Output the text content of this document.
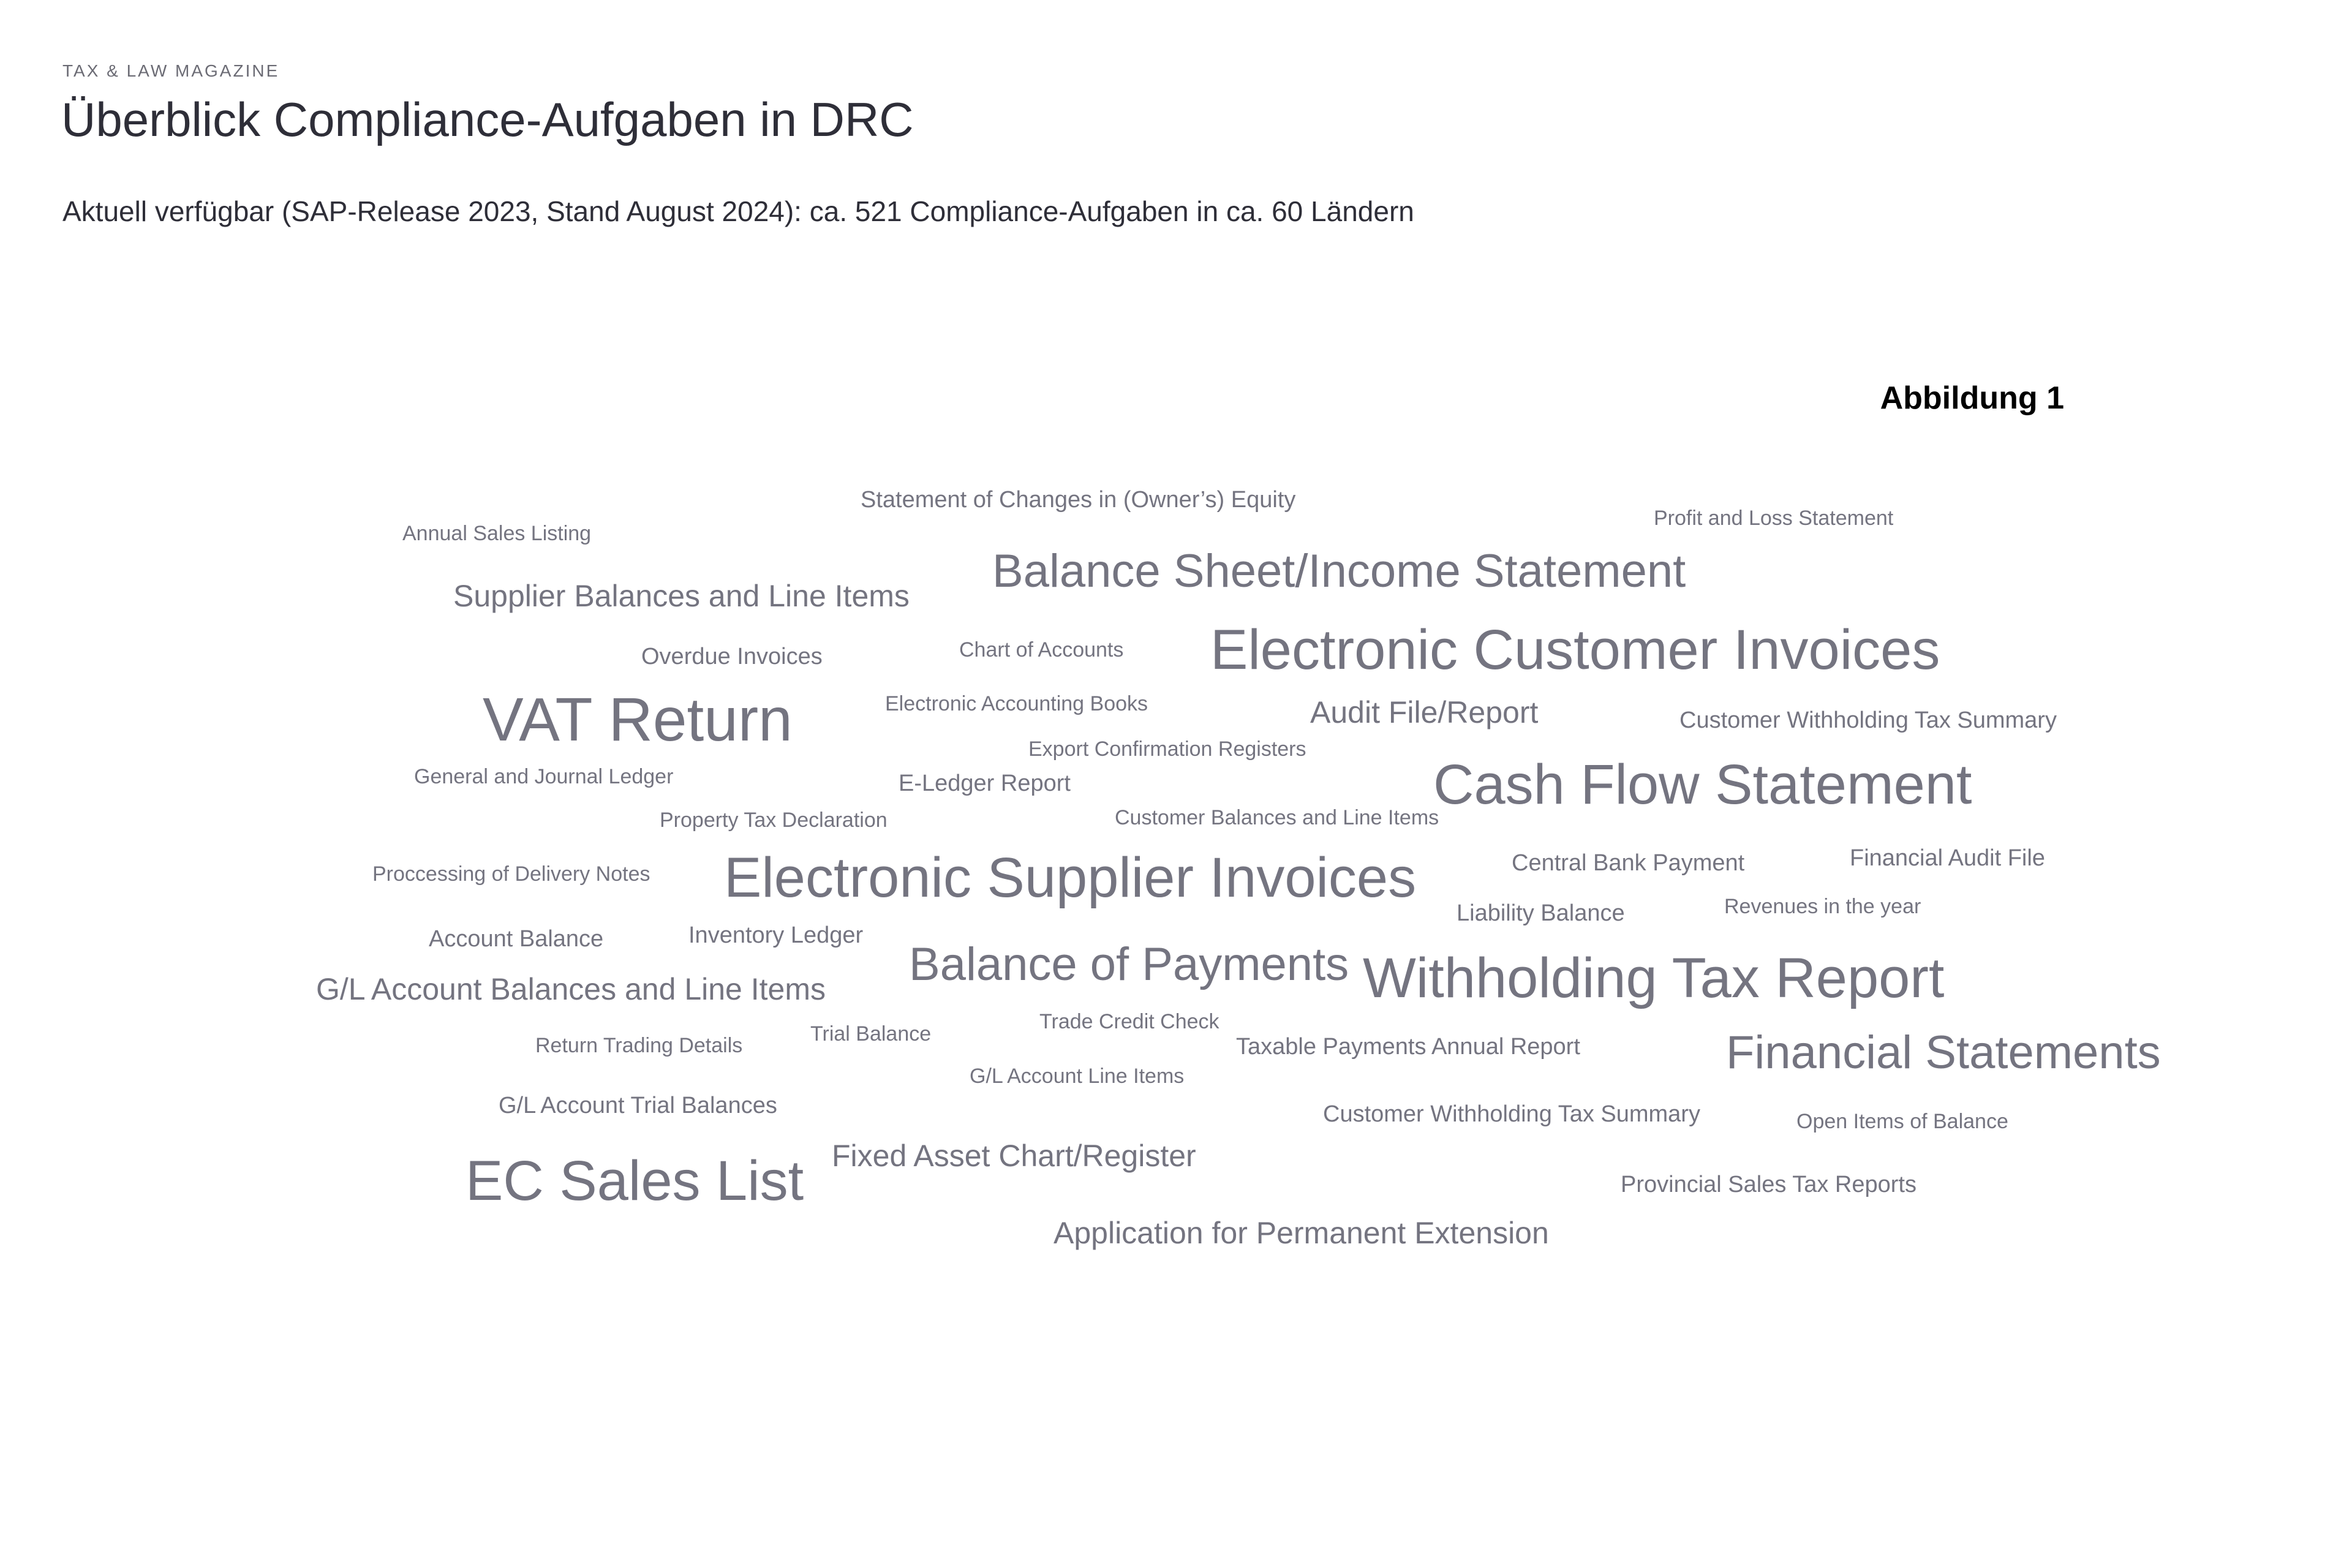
TAX & LAW MAGAZINE
Überblick Compliance-Aufgaben in DRC
Aktuell verfügbar (SAP-Release 2023, Stand August 2024): ca. 521 Compliance-Aufgaben in ca. 60 Ländern
Abbildung 1
Statement of Changes in (Owner’s) Equity
Annual Sales Listing
Profit and Loss Statement
Balance Sheet/Income Statement
Supplier Balances and Line Items
Overdue Invoices	Chart of Accounts Electronic Customer Invoices
VAT Return	Electronic Accounting Books	Audit File/Report	Customer Withholding Tax Summary
Export Confirmation Registers
General and Journal Ledger	E-Ledger Report	Cash Flow Statement
Property Tax Declaration	Customer Balances and Line Items
Proccessing of Delivery Notes Electronic Supplier Invoices	Central Bank Payment	Financial Audit File
Liability Balance	Revenues in the year
Account Balance	Inventory Ledger
Balance of Payments Withholding Tax Report
G/L Account Balances and Line Items
Trade Credit Check
Return Trading Details	Trial Balance	Taxable Payments Annual Report	Financial Statements
G/L Account Line Items
G/L Account Trial Balances	Customer Withholding Tax Summary	Open Items of Balance
EC Sales List Fixed Asset Chart/Register
Provincial Sales Tax Reports
Application for Permanent Extension
